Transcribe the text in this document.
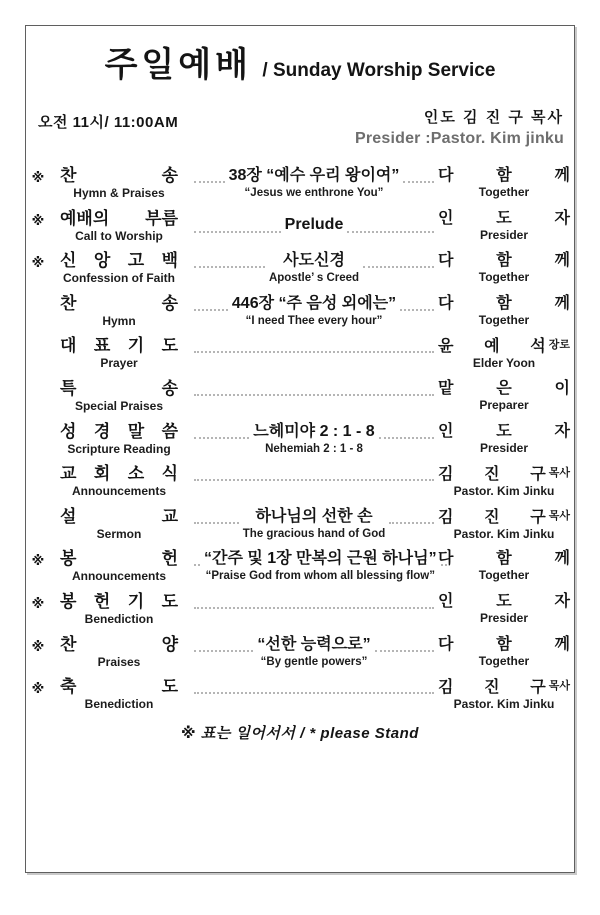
주일예배 / Sunday Worship Service
오전 11시/ 11:00AM	인도 김 진 구 목사
Presider :Pastor. Kim jinku
※ 찬 송
Hymn & Praises
38장 “예수 우리 왕이여”
“Jesus we enthrone You”
다 함 께
Together
※ 예배의 부름
Call to Worship
Prelude	인 도 자
Presider
※ 신 앙 고 백
Confession of Faith
사도신경
Apostle’ s Creed
다 함 께
Together
찬 송
Hymn
446장 “주 음성 외에는”
“I need Thee every hour”
다 함 께
Together
대 표 기 도
Prayer
윤 예 석 장로
Elder Yoon
특 송
Special Praises
맡 은 이
Preparer
성 경 말 씀
Scripture Reading
느헤미야 2 : 1 - 8
Nehemiah 2 : 1 - 8
인 도 자
Presider
교 회 소 식
Announcements
김 진 구 목사
Pastor. Kim Jinku
설 교
Sermon
하나님의 선한 손
The gracious hand of God
김 진 구 목사
Pastor. Kim Jinku
※ 봉 헌
Announcements
“간주 및 1장 만복의 근원 하나님”
“Praise God from whom all blessing flow”
다 함 께
Together
※ 봉 헌 기 도
Benediction
인 도 자
Presider
※ 찬 양
Praises
“선한 능력으로”
“By gentle powers”
다 함 께
Together
※ 축 도
Benediction
김 진 구 목사
Pastor. Kim Jinku
※ 표는 일어서서 / * please Stand
